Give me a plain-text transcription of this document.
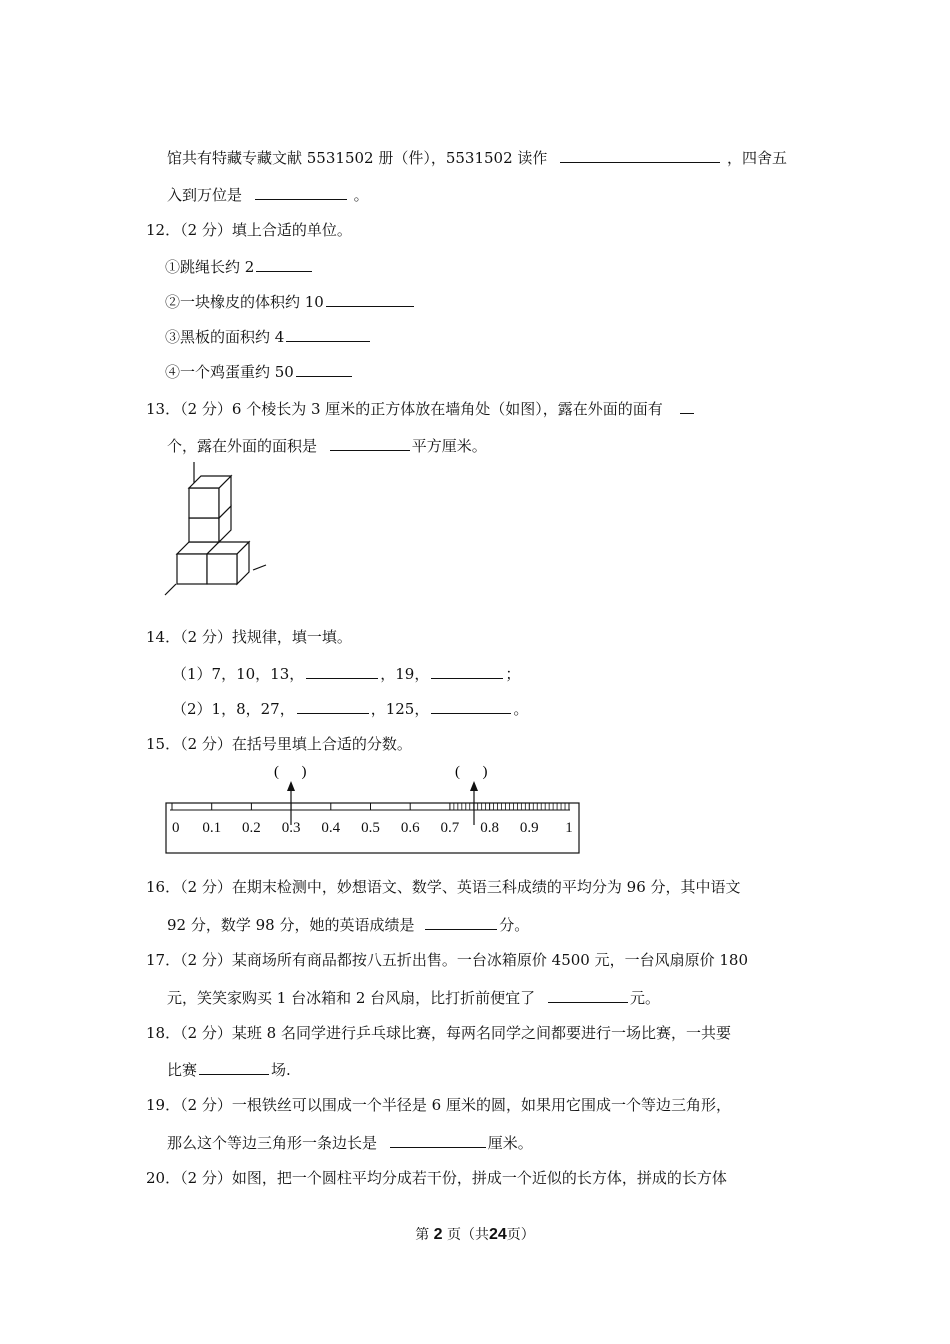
馆共有特藏专藏文献 5531502 册（件），5531502 读作	，四舍五
入到万位是	。
12．（2 分）填上合适的单位。
①跳绳长约 2
②一块橡皮的体积约 10
③黑板的面积约 4
④一个鸡蛋重约 50
13．（2 分）6 个棱长为 3 厘米的正方体放在墙角处（如图），露在外面的面有
个，露在外面的面积是	平方厘米。
14．（2 分）找规律，填一填。
（1）7，10，13，	，19，	；
（2）1，8，27，	，125，	。
15．（2 分）在括号里填上合适的分数。
0 0.1 0.2 0.3 0.4 0.5 0.6 0.7 0.8 0.9 1
(      )	(      )
16．（2 分）在期末检测中，妙想语文、数学、英语三科成绩的平均分为 96 分，其中语文
92 分，数学 98 分，她的英语成绩是	分。
17．（2 分）某商场所有商品都按八五折出售。一台冰箱原价 4500 元，一台风扇原价 180
元，笑笑家购买 1 台冰箱和 2 台风扇，比打折前便宜了	元。
18．（2 分）某班 8 名同学进行乒乓球比赛，每两名同学之间都要进行一场比赛，一共要
比赛	场.
19．（2 分）一根铁丝可以围成一个半径是 6 厘米的圆，如果用它围成一个等边三角形，
那么这个等边三角形一条边长是	厘米。
20．（2 分）如图，把一个圆柱平均分成若干份，拼成一个近似的长方体，拼成的长方体
第 2 页（共24页）
